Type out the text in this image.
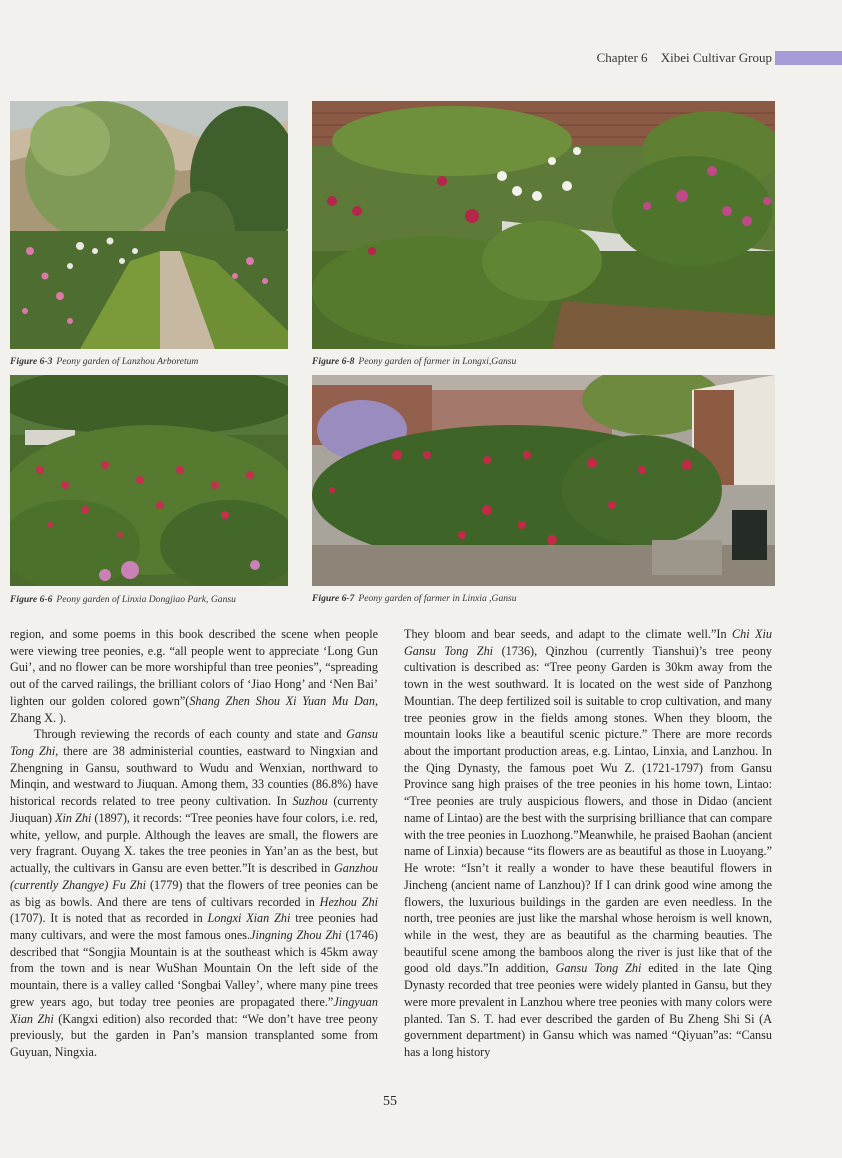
Chapter 6 Xibei Cultivar Group
Figure 6-3 Peony garden of Lanzhou Arboretum	Figure 6-8 Peony garden of farmer in Longxi,Gansu
Figure 6-6 Peony garden of Linxia Dongjiao Park, Gansu	Figure 6-7 Peony garden of farmer in Linxia ,Gansu

region, and some poems in this book described the scene when people were viewing tree peonies, e.g. “all people went to appreciate ‘Long Gun Gui’, and no flower can be more worshipful than tree peonies”, “spreading out of the carved railings, the brilliant colors of ‘Jiao Hong’ and ‘Nen Bai’ lighten our golden colored gown”(Shang Zhen Shou Xi Yuan Mu Dan, Zhang X. ).

Through reviewing the records of each county and state and Gansu Tong Zhi, there are 38 administerial counties, eastward to Ningxian and Zhengning in Gansu, southward to Wudu and Wenxian, northward to Minqin, and westward to Jiuquan. Among them, 33 counties (86.8%) have historical records related to tree peony cultivation. In Suzhou (currenty Jiuquan) Xin Zhi (1897), it records: “Tree peonies have four colors, i.e. red, white, yellow, and purple. Although the leaves are small, the flowers are very fragrant. Ouyang X. takes the tree peonies in Yan’an as the best, but actually, the cultivars in Gansu are even better.”It is described in Ganzhou (currently Zhangye) Fu Zhi (1779) that the flowers of tree peonies can be as big as bowls. And there are tens of cultivars recorded in Hezhou Zhi (1707). It is noted that as recorded in Longxi Xian Zhi tree peonies had many cultivars, and were the most famous ones.Jingning Zhou Zhi (1746) described that “Songjia Mountain is at the southeast which is 45km away from the town and is near WuShan Mountain On the left side of the mountain, there is a valley called ‘Songbai Valley’, where many pine trees grew years ago, but today tree peonies are propagated there.”Jingyuan Xian Zhi (Kangxi edition) also recorded that: “We don’t have tree peony previously, but the garden in Pan’s mansion transplanted some from Guyuan, Ningxia.

They bloom and bear seeds, and adapt to the climate well.”In Chi Xiu Gansu Tong Zhi (1736), Qinzhou (currently Tianshui)’s tree peony cultivation is described as: “Tree peony Garden is 30km away from the town in the west southward. It is located on the west side of Panzhong Mountian. The deep fertilized soil is suitable to crop cultivation, and many tree peonies grow in the fields among stones. When they bloom, the mountain looks like a beautiful scenic picture.” There are more records about the important production areas, e.g. Lintao, Linxia, and Lanzhou. In the Qing Dynasty, the famous poet Wu Z. (1721-1797) from Gansu Province sang high praises of the tree peonies in his home town, Lintao: “Tree peonies are truly auspicious flowers, and those in Didao (ancient name of Lintao) are the best with the surprising brilliance that can compare with the tree peonies in Luozhong.”Meanwhile, he praised Baohan (ancient name of Linxia) because “its flowers are as beautiful as those in Luoyang.” He wrote: “Isn’t it really a wonder to have these beautiful flowers in Jincheng (ancient name of Lanzhou)? If I can drink good wine among the flowers, the luxurious buildings in the garden are even needless. In the north, tree peonies are just like the marshal whose heroism is well known, while in the west, they are as beautiful as the charming beauties. The beautiful scene among the bamboos along the river is just like that of the good old days.”In addition, Gansu Tong Zhi edited in the late Qing Dynasty recorded that tree peonies were widely planted in Gansu, but they were more prevalent in Lanzhou where tree peonies with many colors were planted. Tan S. T. had ever described the garden of Bu Zheng Shi Si (A government department) in Gansu which was named “Qiyuan”as: “Cansu has a long history

55
